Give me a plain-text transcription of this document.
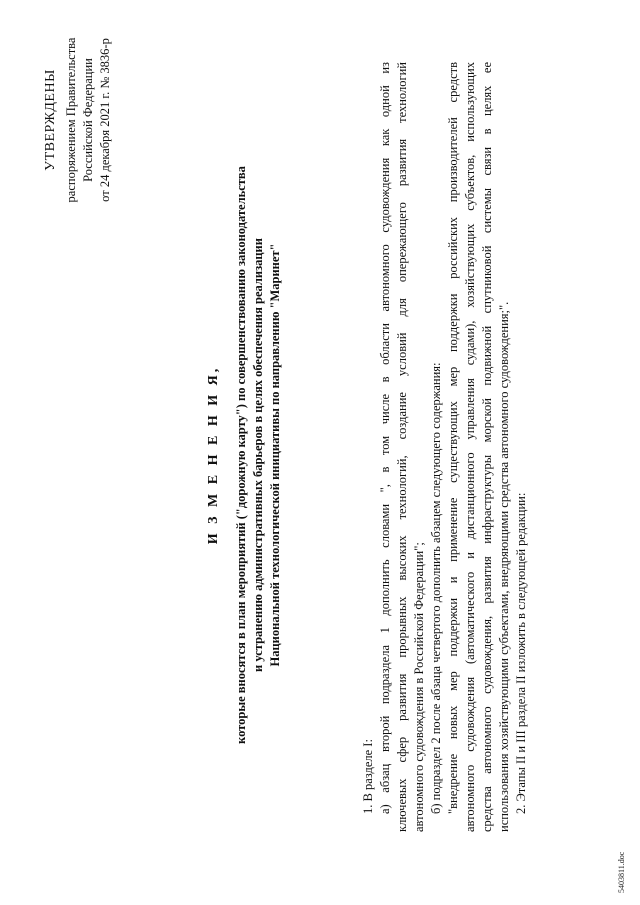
УТВЕРЖДЕНЫ распоряжением Правительства Российской Федерации от 24 декабря 2021 г. № 3836-р
И З М Е Н Е Н И Я, которые вносятся в план мероприятий ("дорожную карту") по совершенствованию законодательства и устранению административных барьеров в целях обеспечения реализации Национальной технологической инициативы по направлению "Маринет"

1. В разделе I: а) абзац второй подраздела 1 дополнить словами ", в том числе в области автономного судовождения как одной из ключевых сфер развития прорывных высоких технологий, создание условий для опережающего развития технологий автономного судовождения в Российской Федерации"; б) подраздел 2 после абзаца четвертого дополнить абзацем следующего содержания: "внедрение новых мер поддержки и применение существующих мер поддержки российских производителей средств автономного судовождения (автоматического и дистанционного управления судами), хозяйствующих субъектов, использующих средства автономного судовождения, развития инфраструктуры морской подвижной спутниковой системы связи в целях ее использования хозяйствующими субъектами, внедряющими средства автономного судовождения;". 2. Этапы II и III раздела II изложить в следующей редакции:

5403811.doc
